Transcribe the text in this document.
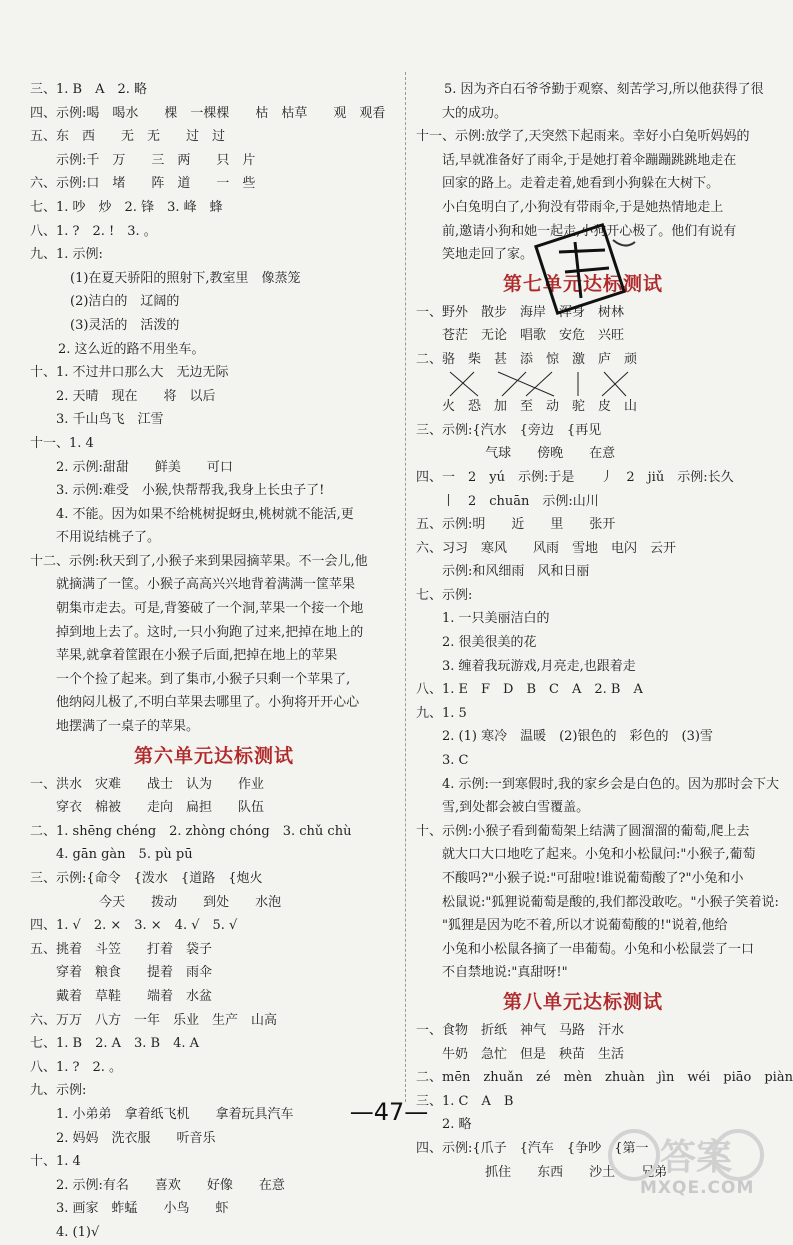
三、1. B　A　2. 略
四、示例:喝　喝水　　棵　一棵棵　　枯　枯草　　观　观看
五、东　西　　无　无　　过　过
　　示例:千　万　　三　两　　只　片
六、示例:口　堵　　阵　道　　一　些
七、1. 吵　炒　2. 锋　3. 峰　蜂
八、1. ?　2. !　3. 。
九、1. 示例:
(1)在夏天骄阳的照射下,教室里　像蒸笼
(2)洁白的　辽阔的
(3)灵活的　活泼的
2. 这么近的路不用坐车。
十、1. 不过井口那么大　无边无际
　　2. 天晴　现在　　将　以后
　　3. 千山鸟飞　江雪
十一、1. 4
　　2. 示例:甜甜　　鲜美　　可口
　　3. 示例:难受　小猴,快帮帮我,我身上长虫子了!
　　4. 不能。因为如果不给桃树捉蚜虫,桃树就不能活,更
　　不用说结桃子了。
十二、示例:秋天到了,小猴子来到果园摘苹果。不一会儿,他
　　就摘满了一筐。小猴子高高兴兴地背着满满一筐苹果
　　朝集市走去。可是,背篓破了一个洞,苹果一个接一个地
　　掉到地上去了。这时,一只小狗跑了过来,把掉在地上的
　　苹果,就拿着筐跟在小猴子后面,把掉在地上的苹果
　　一个个捡了起来。到了集市,小猴子只剩一个苹果了,
　　他纳闷儿极了,不明白苹果去哪里了。小狗将开开心心
　　地摆满了一桌子的苹果。
第六单元达标测试
一、洪水　灾难　　战士　认为　　作业
　　穿衣　棉被　　走向　扁担　　队伍
二、1. shēng chéng　2. zhòng chóng　3. chǔ chù
　　4. gān gàn　5. pù pū
三、示例:{命令　{泼水　{道路　{炮火
　　　　　 今天　　拨动　　到处　　水泡
四、1. √　2. ×　3. ×　4. √　5. √
五、挑着　斗笠　　打着　袋子
　　穿着　粮食　　提着　雨伞
　　戴着　草鞋　　端着　水盆
六、万万　八方　一年　乐业　生产　山高
七、1. B　2. A　3. B　4. A
八、1. ?　2. 。
九、示例:
　　1. 小弟弟　拿着纸飞机　　拿着玩具汽车
　　2. 妈妈　洗衣服　　听音乐
十、1. 4
　　2. 示例:有名　　喜欢　　好像　　在意
　　3. 画家　蚱蜢　　小鸟　　虾
　　4. (1)√
5. 因为齐白石爷爷勤于观察、刻苦学习,所以他获得了很
　　大的成功。
十一、示例:放学了,天突然下起雨来。幸好小白兔听妈妈的
　　话,早就准备好了雨伞,于是她打着伞蹦蹦跳跳地走在
　　回家的路上。走着走着,她看到小狗躲在大树下。
　　小白兔明白了,小狗没有带雨伞,于是她热情地走上
　　前,邀请小狗和她一起走,小狗开心极了。他们有说有
　　笑地走回了家。
第七单元达标测试
一、野外　散步　海岸　浑身　树林
　　苍茫　无论　唱歌　安危　兴旺
二、骆　柴　甚　添　惊　激　庐　顽
　　火　恐　加　至　动　驼　皮　山
三、示例:{汽水　{旁边　{再见
　　　　　 气球　　傍晚　　在意
四、一　2　yú　示例:于是　　丿　2　jiǔ　示例:长久
　　丨　2　chuān　示例:山川
五、示例:明　　近　　里　　张开
六、习习　寒风　　风雨　雪地　电闪　云开
　　示例:和风细雨　风和日丽
七、示例:
　　1. 一只美丽洁白的
　　2. 很美很美的花
　　3. 缠着我玩游戏,月亮走,也跟着走
八、1. E　F　D　B　C　A　2. B　A
九、1. 5
　　2. (1) 寒冷　温暖　(2)银色的　彩色的　(3)雪
　　3. C
　　4. 示例:一到寒假时,我的家乡会是白色的。因为那时会下大
　　雪,到处都会被白雪覆盖。
十、示例:小猴子看到葡萄架上结满了圆溜溜的葡萄,爬上去
　　就大口大口地吃了起来。小兔和小松鼠问:"小猴子,葡萄
　　不酸吗?"小猴子说:"可甜啦!谁说葡萄酸了?"小兔和小
　　松鼠说:"狐狸说葡萄是酸的,我们都没敢吃。"小猴子笑着说:
　　"狐狸是因为吃不着,所以才说葡萄酸的!"说着,他给
　　小兔和小松鼠各摘了一串葡萄。小兔和小松鼠尝了一口
　　不自禁地说:"真甜呀!"
第八单元达标测试
一、食物　折纸　神气　马路　汗水
　　牛奶　急忙　但是　秧苗　生活
二、mēn　zhuǎn　zé　mèn　zhuàn　jìn　wéi　piāo　piàn
三、1. C　A　B
　　2. 略
四、示例:{爪子　{汽车　{争吵　{第一
　　　　　 抓住　　东西　　沙土　　兄弟
—47—
答案
MXQE.COM
